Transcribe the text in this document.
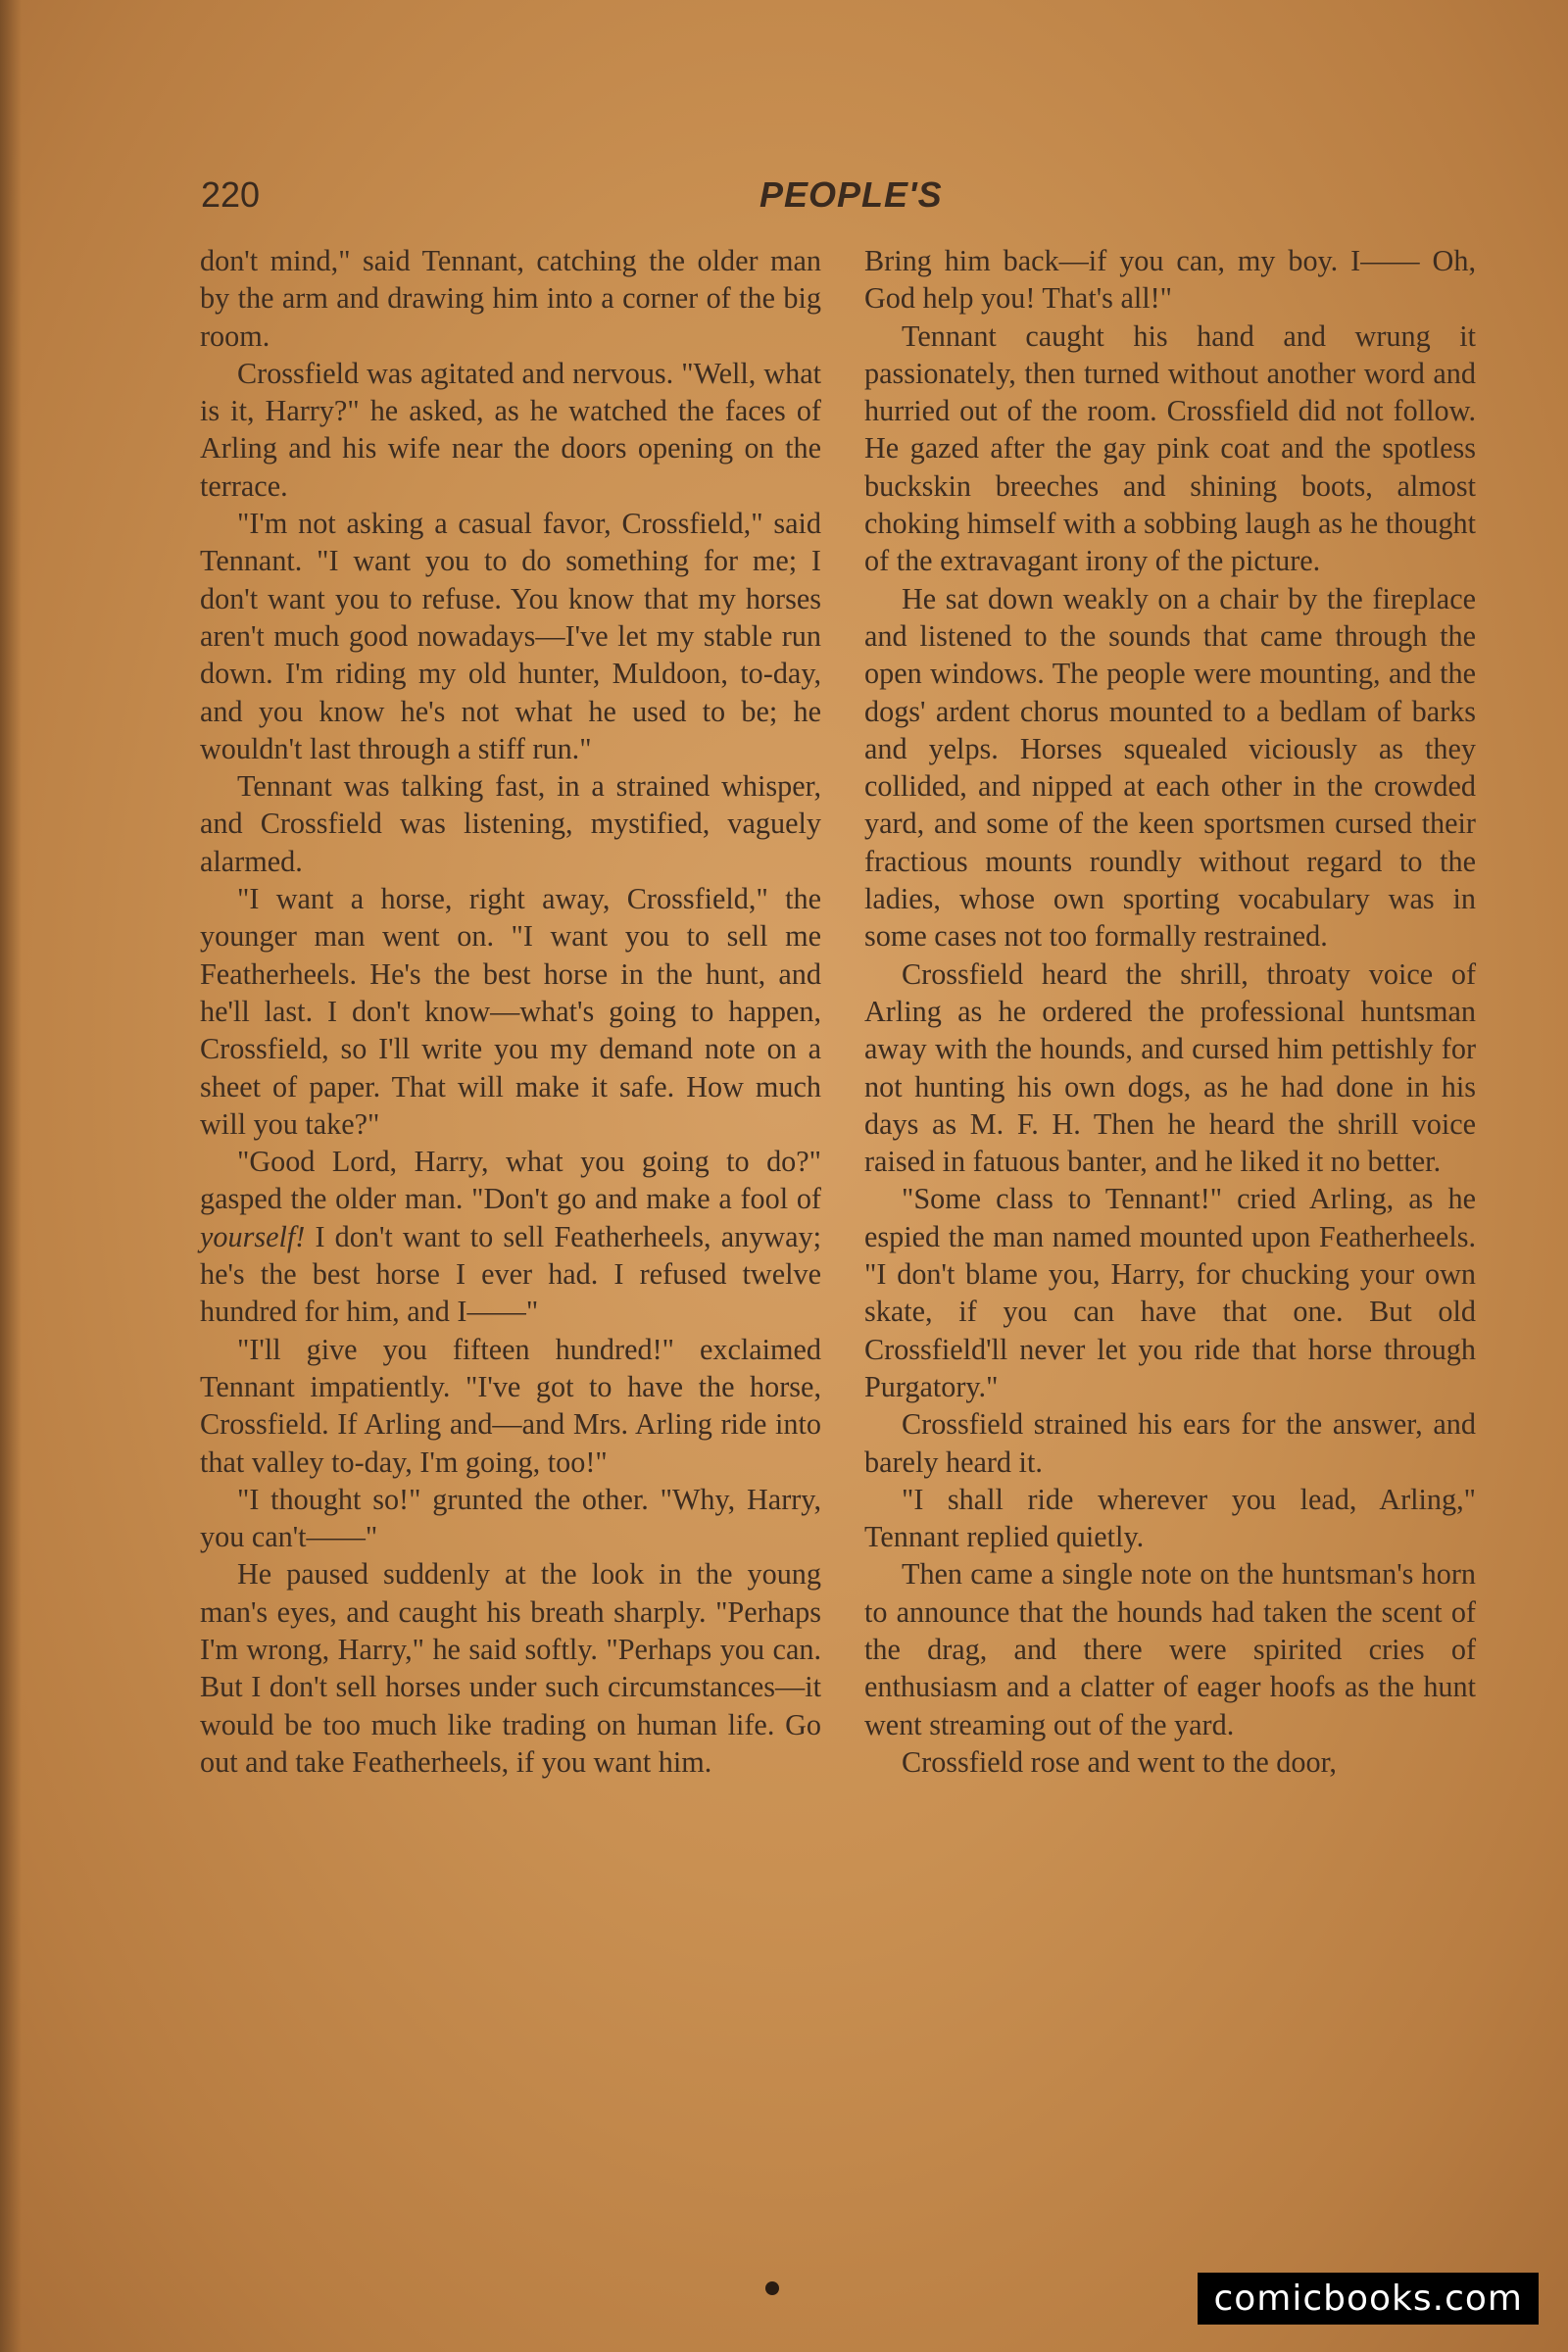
220	PEOPLE'S

don't mind," said Tennant, catching the older man by the arm and drawing him into a corner of the big room.

Crossfield was agitated and nervous. "Well, what is it, Harry?" he asked, as he watched the faces of Arling and his wife near the doors opening on the terrace.

"I'm not asking a casual favor, Crossfield," said Tennant. "I want you to do something for me; I don't want you to refuse. You know that my horses aren't much good nowadays—I've let my stable run down. I'm riding my old hunter, Muldoon, to-day, and you know he's not what he used to be; he wouldn't last through a stiff run."

Tennant was talking fast, in a strained whisper, and Crossfield was listening, mystified, vaguely alarmed.

"I want a horse, right away, Crossfield," the younger man went on. "I want you to sell me Featherheels. He's the best horse in the hunt, and he'll last. I don't know—what's going to happen, Crossfield, so I'll write you my demand note on a sheet of paper. That will make it safe. How much will you take?"

"Good Lord, Harry, what you going to do?" gasped the older man. "Don't go and make a fool of yourself! I don't want to sell Featherheels, anyway; he's the best horse I ever had. I refused twelve hundred for him, and I——"

"I'll give you fifteen hundred!" exclaimed Tennant impatiently. "I've got to have the horse, Crossfield. If Arling and—and Mrs. Arling ride into that valley to-day, I'm going, too!"

"I thought so!" grunted the other. "Why, Harry, you can't——"

He paused suddenly at the look in the young man's eyes, and caught his breath sharply. "Perhaps I'm wrong, Harry," he said softly. "Perhaps you can. But I don't sell horses under such circumstances—it would be too much like trading on human life. Go out and take Featherheels, if you want him.

Bring him back—if you can, my boy. I—— Oh, God help you! That's all!"

Tennant caught his hand and wrung it passionately, then turned without another word and hurried out of the room. Crossfield did not follow. He gazed after the gay pink coat and the spotless buckskin breeches and shining boots, almost choking himself with a sobbing laugh as he thought of the extravagant irony of the picture.

He sat down weakly on a chair by the fireplace and listened to the sounds that came through the open windows. The people were mounting, and the dogs' ardent chorus mounted to a bedlam of barks and yelps. Horses squealed viciously as they collided, and nipped at each other in the crowded yard, and some of the keen sportsmen cursed their fractious mounts roundly without regard to the ladies, whose own sporting vocabulary was in some cases not too formally restrained.

Crossfield heard the shrill, throaty voice of Arling as he ordered the professional huntsman away with the hounds, and cursed him pettishly for not hunting his own dogs, as he had done in his days as M. F. H. Then he heard the shrill voice raised in fatuous banter, and he liked it no better.

"Some class to Tennant!" cried Arling, as he espied the man named mounted upon Featherheels. "I don't blame you, Harry, for chucking your own skate, if you can have that one. But old Crossfield'll never let you ride that horse through Purgatory."

Crossfield strained his ears for the answer, and barely heard it.

"I shall ride wherever you lead, Arling," Tennant replied quietly.

Then came a single note on the huntsman's horn to announce that the hounds had taken the scent of the drag, and there were spirited cries of enthusiasm and a clatter of eager hoofs as the hunt went streaming out of the yard.

Crossfield rose and went to the door,

comicbooks.com
